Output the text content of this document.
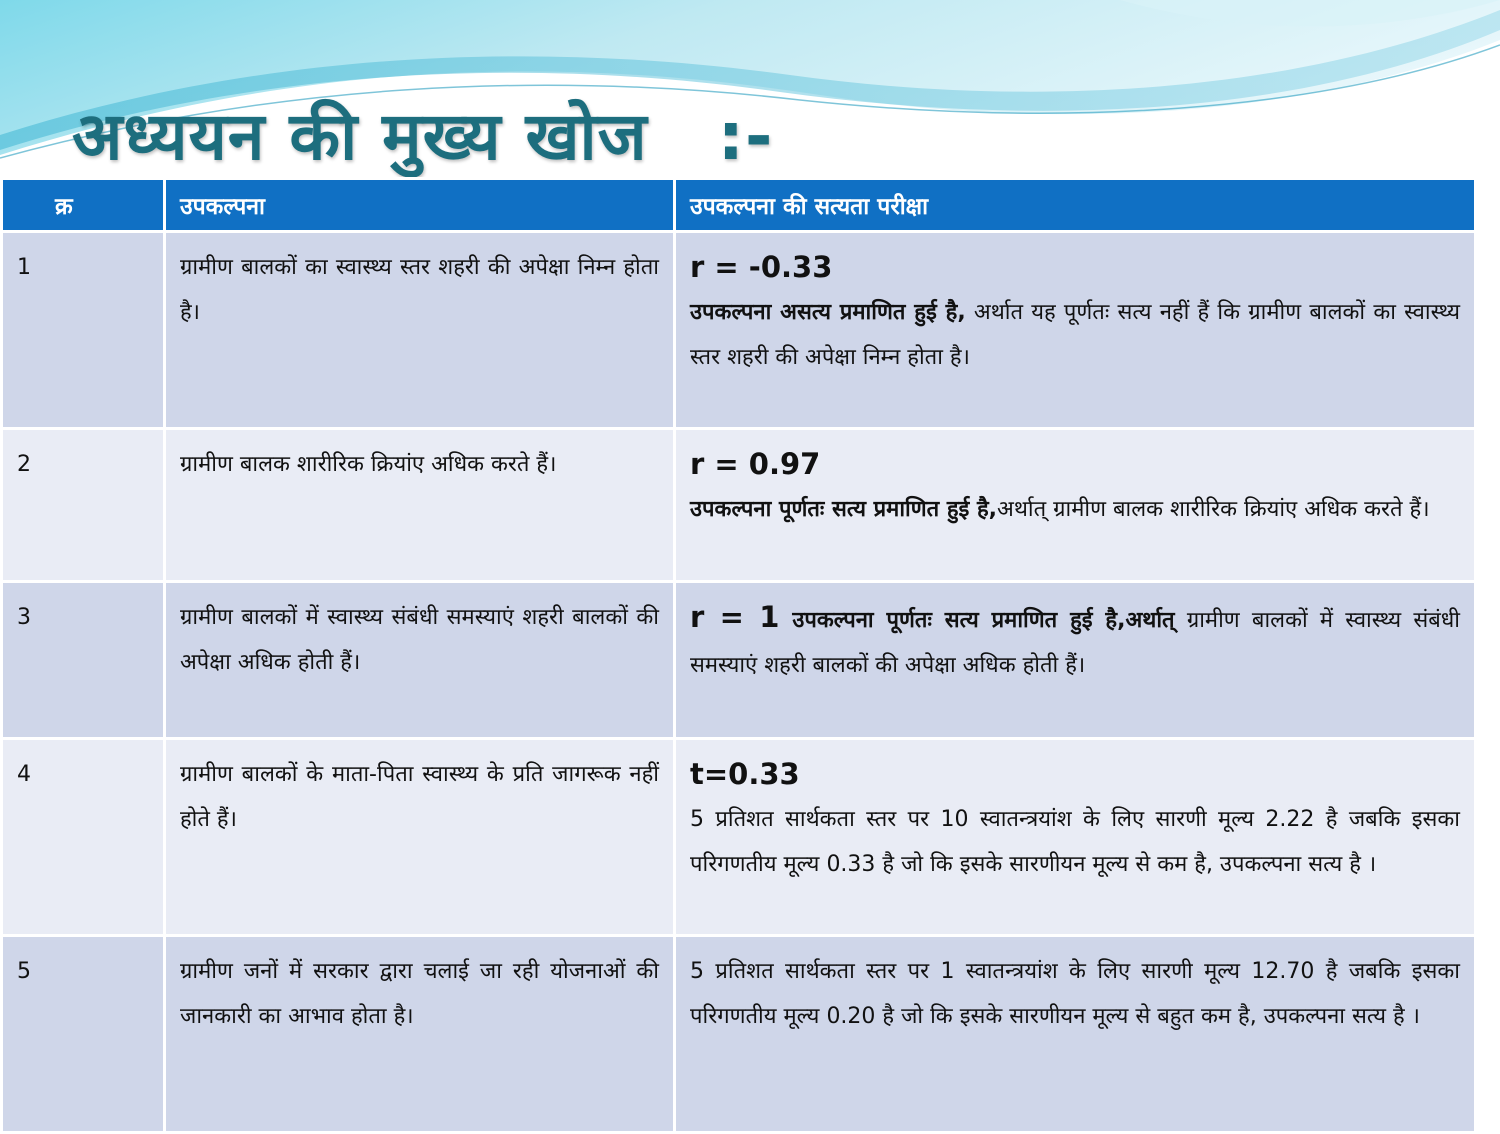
अध्ययन की मुख्य खोज :-
क्र	उपकल्पना	उपकल्पना की सत्यता परीक्षा
1	ग्रामीण बालकों का स्वास्थ्य स्तर शहरी की अपेक्षा निम्न होता है।	r = -0.33
उपकल्पना असत्य प्रमाणित हुई है, अर्थात यह पूर्णतः सत्य नहीं हैं कि ग्रामीण बालकों का स्वास्थ्य स्तर शहरी की अपेक्षा निम्न होता है।
2	ग्रामीण बालक शारीरिक क्रियांए अधिक करते हैं।	r = 0.97
उपकल्पना पूर्णतः सत्य प्रमाणित हुई है,अर्थात् ग्रामीण बालक शारीरिक क्रियांए अधिक करते हैं।
3	ग्रामीण बालकों में स्वास्थ्य संबंधी समस्याएं शहरी बालकों की अपेक्षा अधिक होती हैं।	r = 1 उपकल्पना पूर्णतः सत्य प्रमाणित हुई है,अर्थात् ग्रामीण बालकों में स्वास्थ्य संबंधी समस्याएं शहरी बालकों की अपेक्षा अधिक होती हैं।
4	ग्रामीण बालकों के माता-पिता स्वास्थ्य के प्रति जागरूक नहीं होते हैं।	t=0.33
5 प्रतिशत सार्थकता स्तर पर 10 स्वातन्त्रयांश के लिए सारणी मूल्य 2.22 है जबकि इसका परिगणतीय मूल्य 0.33 है जो कि इसके सारणीयन मूल्य से कम है, उपकल्पना सत्य है ।
5	ग्रामीण जनों में सरकार द्वारा चलाई जा रही योजनाओं की जानकारी का आभाव होता है।	5 प्रतिशत सार्थकता स्तर पर 1 स्वातन्त्रयांश के लिए सारणी मूल्य 12.70 है जबकि इसका परिगणतीय मूल्य 0.20 है जो कि इसके सारणीयन मूल्य से बहुत कम है, उपकल्पना सत्य है ।
